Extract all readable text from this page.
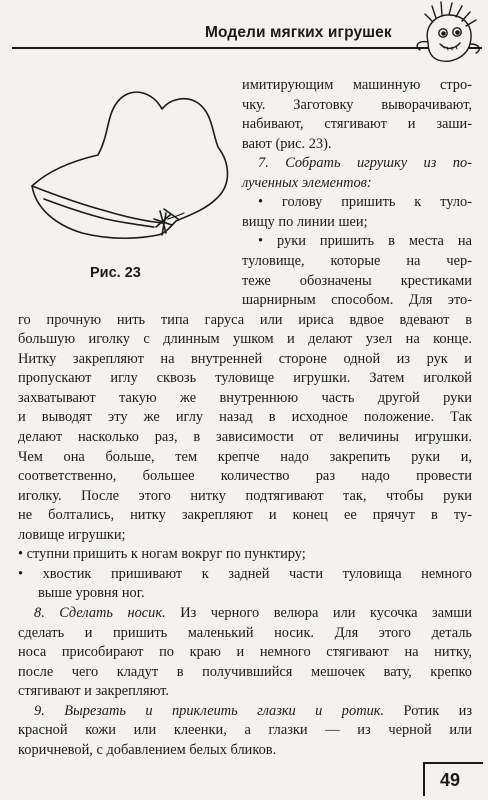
Модели мягких игрушек
Рис. 23
имитирующим машинную стро-
чку. Заготовку выворачивают,
набивают, стягивают и заши-
вают (рис. 23).
7. Собрать игрушку из по-
лученных элементов:
• голову пришить к туло-
вищу по линии шеи;
• руки пришить в места на
туловище, которые на чер-
теже обозначены крестиками
шарнирным способом. Для это-
го прочную нить типа гаруса или ириса вдвое вдевают в
большую иголку с длинным ушком и делают узел на конце.
Нитку закрепляют на внутренней стороне одной из рук и
пропускают иглу сквозь туловище игрушки. Затем иголкой
захватывают такую же внутреннюю часть другой руки
и выводят эту же иглу назад в исходное положение. Так
делают насколько раз, в зависимости от величины игрушки.
Чем она больше, тем крепче надо закрепить руки и,
соответственно, большее количество раз надо провести
иголку. После этого нитку подтягивают так, чтобы руки
не болтались, нитку закрепляют и конец ее прячут в ту-
ловище игрушки;
• ступни пришить к ногам вокруг по пунктиру;
• хвостик пришивают к задней части туловища немного
выше уровня ног.
8. Сделать носик. Из черного велюра или кусочка замши
сделать и пришить маленький носик. Для этого деталь
носа присобирают по краю и немного стягивают на нитку,
после чего кладут в получившийся мешочек вату, крепко
стягивают и закрепляют.
9. Вырезать и приклеить глазки и ротик. Ротик из
49
красной кожи или клеенки, а глазки — из черной или
коричневой, с добавлением белых бликов.
